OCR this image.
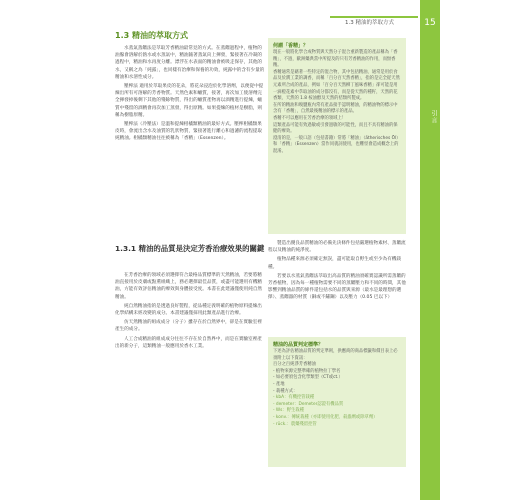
1.3 精油的萃取方式	15
引言
1.3 精油的萃取方式

水蒸氣蒸餾法是萃取芳香精油最常見的方式。在蒸餾過程中，植物的油腺會溶解於熱水或水蒸氣中，精油隨著蒸氣向上揮發，緊接著在冷凝的過程中，精油和水再度分離。漂浮在水表面的精油會被吸走保存，其他的水，又稱之為「純露」，也同樣有治療和保養的功效，純露中的含有少量的精油和水溶性成分。

壓榨法 適用於萃取果皮的花朵，將花朵浸泡於化學溶劑，以便從中提煉出所有可溶解的芳香物質。天然色素和蠟質，接著，再次加工使溶劑完全揮發掉後剩下其他的殘餘物質，得出的蠟質產物再以酒精進行提煉，蠟質中殘留的酒精會再次加工蒸發，得出原精。如果提煉的植材是樹脂，則稱為樹脂原精。

壓榨法（冷壓法）是溫和提煉柑橘類精油的最好方式。壓榨柑橘類果皮時，會流出含水及油質的乳狀物質，緊接著進行離心和過濾的流程提取純精油。柑橘類精油往往被稱為「香精」（Essenzen）。

1.3.1 精油的品質是決定芳香治療效果的關鍵

在芳香治療的領域必須選擇符合最格品質標準的天然精油，若要將精油直接用於皮膚或點熏組織上，務必選擇最佳品質，或盡可能選用有機精油，方能有效評估精油的療效與身體接受度。本書在此建議僅使用純自然精油。

純自然精油指的是透過良好製程，從品種定義明確的植物原料提煉出化學結構未經改變的成分。本書建議僅採用此類產品進行治療。

仿天然精油的組成成分（分子）雖存在於自然界中，卻是在實驗室裡產生的成分。

人工合成精油的組成成分往往不存在於自然界中，而是在實驗室裡產出的新分子，這類精油一般應用於香水工業。

何謂「香精」？
現在一般將化學合成物質與天然分子混合重新製造的產品稱為「香精」，不過，歐洲藥典當中所提及的只有芳香精油的作用，而無香精。
香精通常是藉著一些特定的混合物，其中包括精油、通常是用於食品及於潤工業的調香，而稱「百分百天然香精」，指的是完全從天然元素所合成的產品，例如「百分百天然柳丁風味香精」卻可能是用一滴橙花素中萃取油的成分都沒有，而是從天然的種籽，天然的花香類、天然的 1.8 桉油醇及天然的桔類所製成。
在所的精油和嗅鹽瓶內常有產品接手認明精油，的精油物的標示中含有「香精」，自然最後精油的標示的產品。
香精不可以應用在芳香治療的領域上！
這類產品可能有致過敏或引發過敏的可能性，而且不具有精油的保健的療效。
澄清的是，一般口語（包括書籍）常將「精油」（ätherisches Öl）和「香精」（Essenzen）當作同義詞使用，也難怪會造成概念上的混淆。

製造出優良品質精油的必備先決條件包括嚴選植物素材、蒸餾流程以及精油的純淨度。

植物品種來源必須確定無誤，盡可能取自野生或至少為有機栽種。

若要以水蒸氣蒸餾法萃取出高品質的精油須確實認識所需蒸餾的芳香植物，因為每一種植物需要不同的蒸餾壓力和不同的時間，其他影響到精油品質的條件還包括水的品質與來源（最水是最理想的選擇）、蒸餾器的材質（銅或不鏽鋼）以及壓力（0.05 巴以下）

精油的品質判定標準？
下述為評估精油品質的判定準則，供應商的商品標籤和價目表上必須附上以下資訊：
百分之百純淨芳香精油
- 植物來源完整準確的植物拉丁學名
- 如必要須包含化學類型（CT或ct.）
- 產地
- 栽種方式：
- kbA：有機控管栽種
- demeter：Demeter認證有機品質
- Ws：野生栽種
- konv.：傳統栽種（亦即使用化肥、殺蟲劑或除草劑）
- rück.：農藥殘留控管
